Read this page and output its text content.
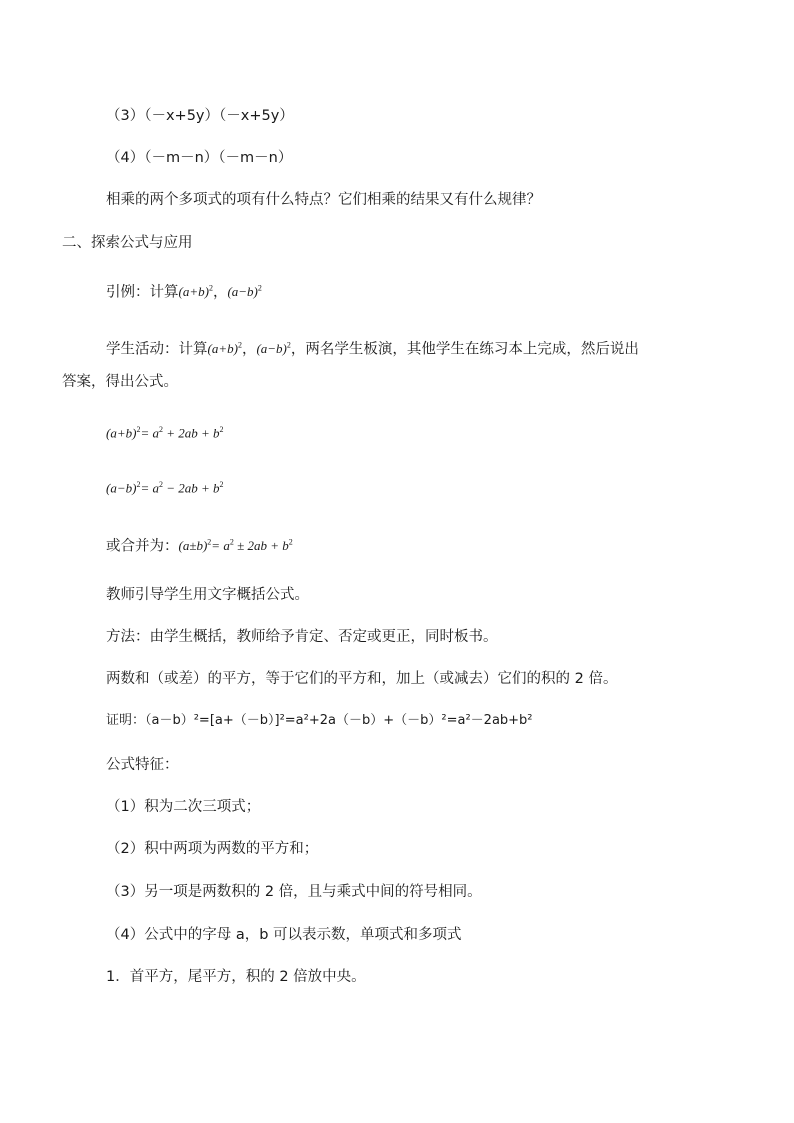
（3）（－x+5y）（－x+5y）
（4）（－m－n）（－m－n）
相乘的两个多项式的项有什么特点？它们相乘的结果又有什么规律？
二、探索公式与应用
引例：计算$(a+b)^2$，$(a-b)^2$
学生活动：计算$(a+b)^2$，$(a-b)^2$，两名学生板演，其他学生在练习本上完成，然后说出
答案，得出公式。
$(a+b)^2= a^2 + 2ab + b^2$
$(a-b)^2= a^2 - 2ab + b^2$
或合并为：$(a\pm b)^2= a^2 \pm 2ab + b^2$
教师引导学生用文字概括公式。
方法：由学生概括，教师给予肯定、否定或更正，同时板书。
两数和（或差）的平方，等于它们的平方和，加上（或减去）它们的积的 2 倍。
证明：（a－b）²=[a+（－b）]²=a²+2a（－b）+（－b）²=a²－2ab+b²
公式特征：
（1）积为二次三项式；
（2）积中两项为两数的平方和；
（3）另一项是两数积的 2 倍，且与乘式中间的符号相同。
（4）公式中的字母 a，b 可以表示数，单项式和多项式
1．首平方，尾平方，积的 2 倍放中央。
